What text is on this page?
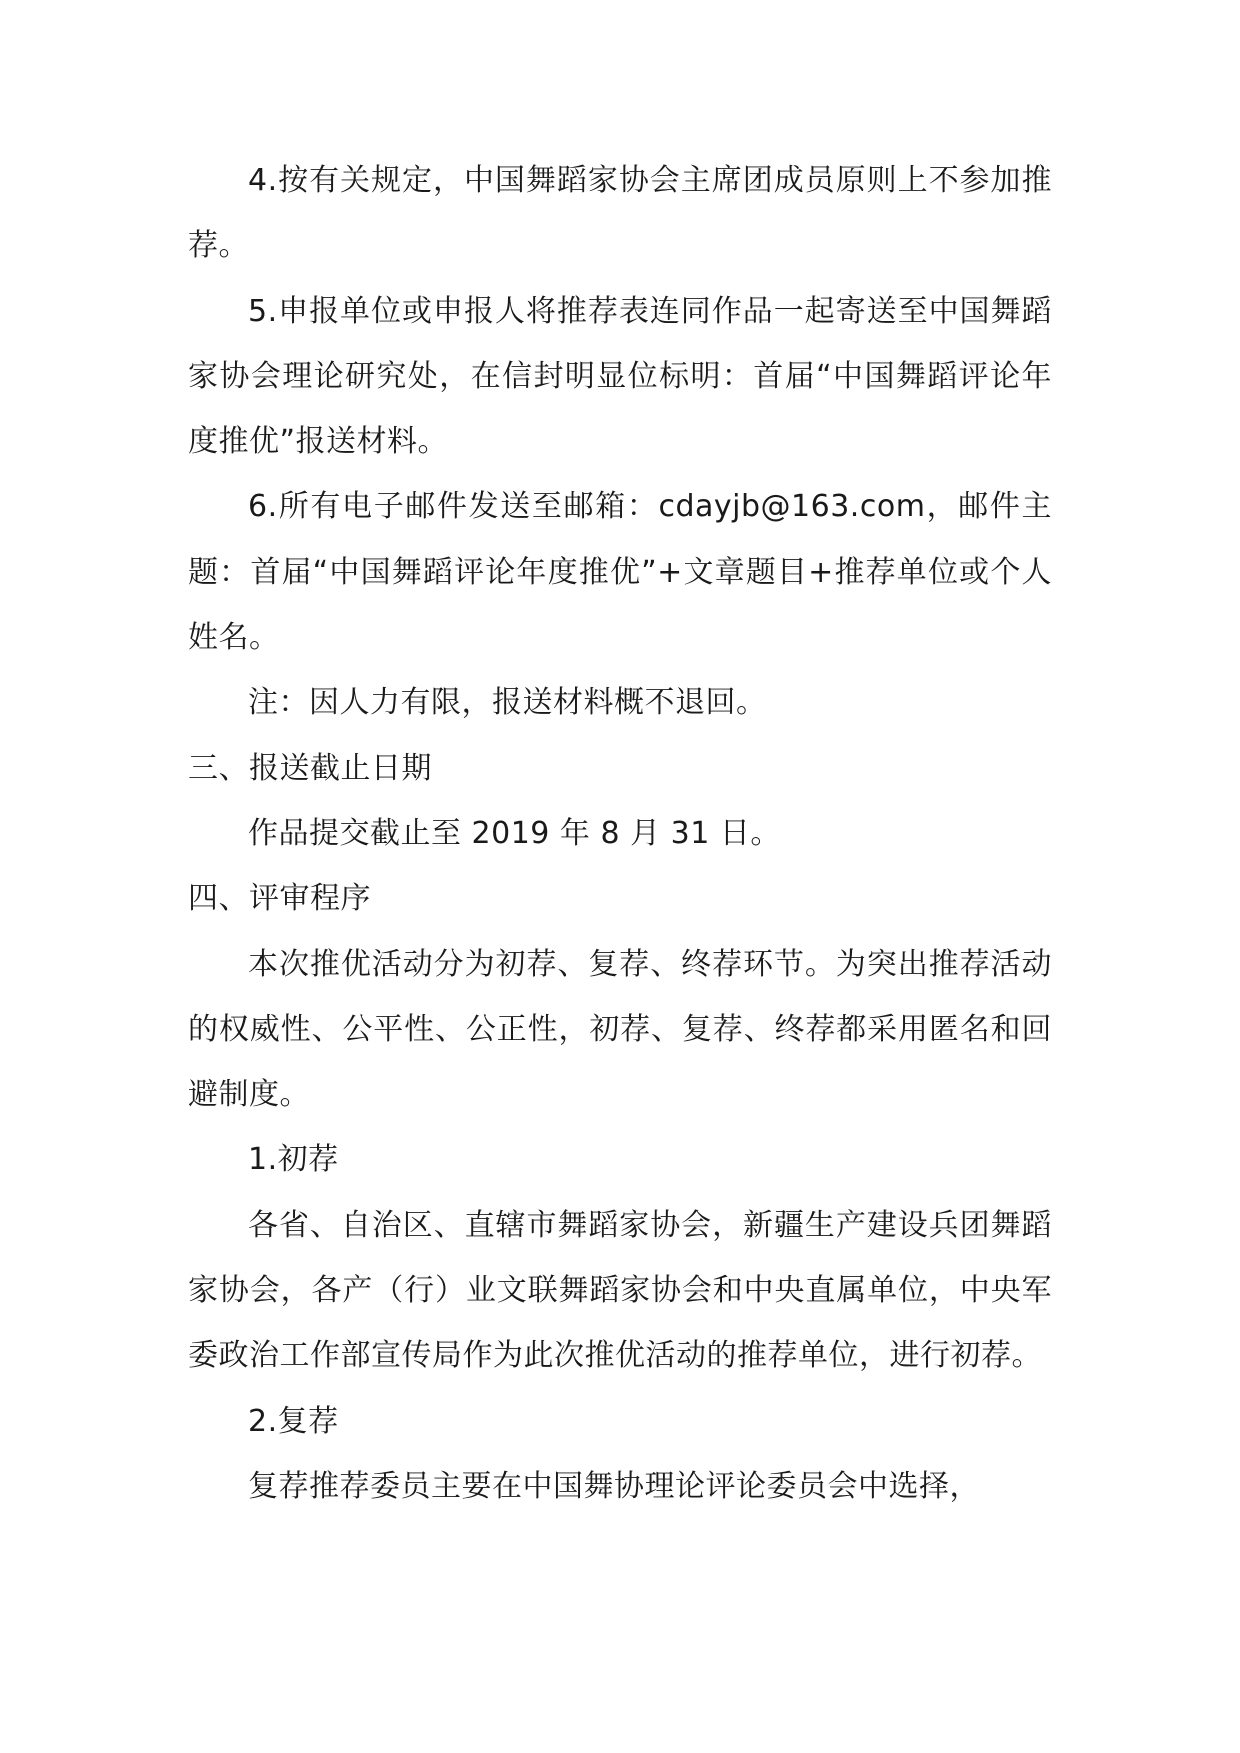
4.按有关规定，中国舞蹈家协会主席团成员原则上不参加推荐。

5.申报单位或申报人将推荐表连同作品一起寄送至中国舞蹈家协会理论研究处，在信封明显位标明：首届“中国舞蹈评论年度推优”报送材料。

6.所有电子邮件发送至邮箱：cdayjb@163.com，邮件主题：首届“中国舞蹈评论年度推优”+文章题目+推荐单位或个人姓名。

注：因人力有限，报送材料概不退回。

三、报送截止日期

作品提交截止至 2019 年 8 月 31 日。

四、评审程序

本次推优活动分为初荐、复荐、终荐环节。为突出推荐活动的权威性、公平性、公正性，初荐、复荐、终荐都采用匿名和回避制度。

1.初荐

各省、自治区、直辖市舞蹈家协会，新疆生产建设兵团舞蹈家协会，各产（行）业文联舞蹈家协会和中央直属单位，中央军委政治工作部宣传局作为此次推优活动的推荐单位，进行初荐。

2.复荐

复荐推荐委员主要在中国舞协理论评论委员会中选择，
